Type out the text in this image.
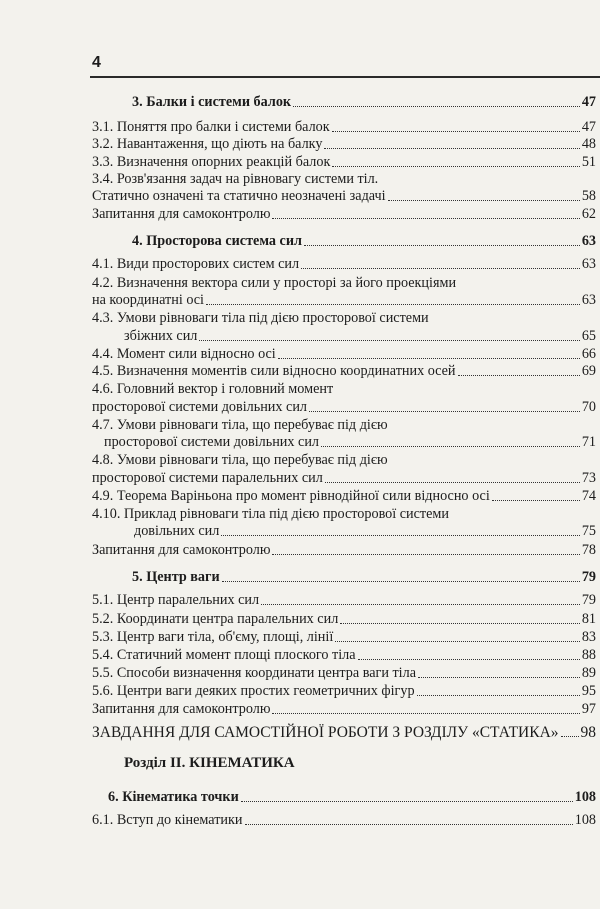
4
3. Балки і системи балок	47
3.1. Поняття про балки і системи балок	47
3.2. Навантаження, що діють на балку	48
3.3. Визначення опорних реакцій балок	51
3.4. Розв'язання задач на рівновагу системи тіл.
Статично означені та статично неозначені задачі	58
Запитання для самоконтролю	62
4. Просторова система сил	63
4.1. Види просторових систем сил	63
4.2. Визначення вектора сили у просторі за його проекціями
на координатні осі	63
4.3. Умови рівноваги тіла під дією просторової системи
збіжних сил	65
4.4. Момент сили відносно осі	66
4.5. Визначення моментів сили відносно координатних осей	69
4.6. Головний вектор і головний момент
просторової системи довільних сил	70
4.7. Умови рівноваги тіла, що перебуває під дією
просторової системи довільних сил	71
4.8. Умови рівноваги тіла, що перебуває під дією
просторової системи паралельних сил	73
4.9. Теорема Варіньона про момент рівнодійної сили відносно осі	74
4.10. Приклад рівноваги тіла під дією просторової системи
довільних сил	75
Запитання для самоконтролю	78
5. Центр ваги	79
5.1. Центр паралельних сил	79
5.2. Координати центра паралельних сил	81
5.3. Центр ваги тіла, об'єму, площі, лінії	83
5.4. Статичний момент площі плоского тіла	88
5.5. Способи визначення координати центра ваги тіла	89
5.6. Центри ваги деяких простих геометричних фігур	95
Запитання для самоконтролю	97
ЗАВДАННЯ ДЛЯ САМОСТІЙНОЇ РОБОТИ З РОЗДІЛУ «СТАТИКА» 98
Розділ ІІ. КІНЕМАТИКА
6. Кінематика точки	108
6.1. Вступ до кінематики	108
